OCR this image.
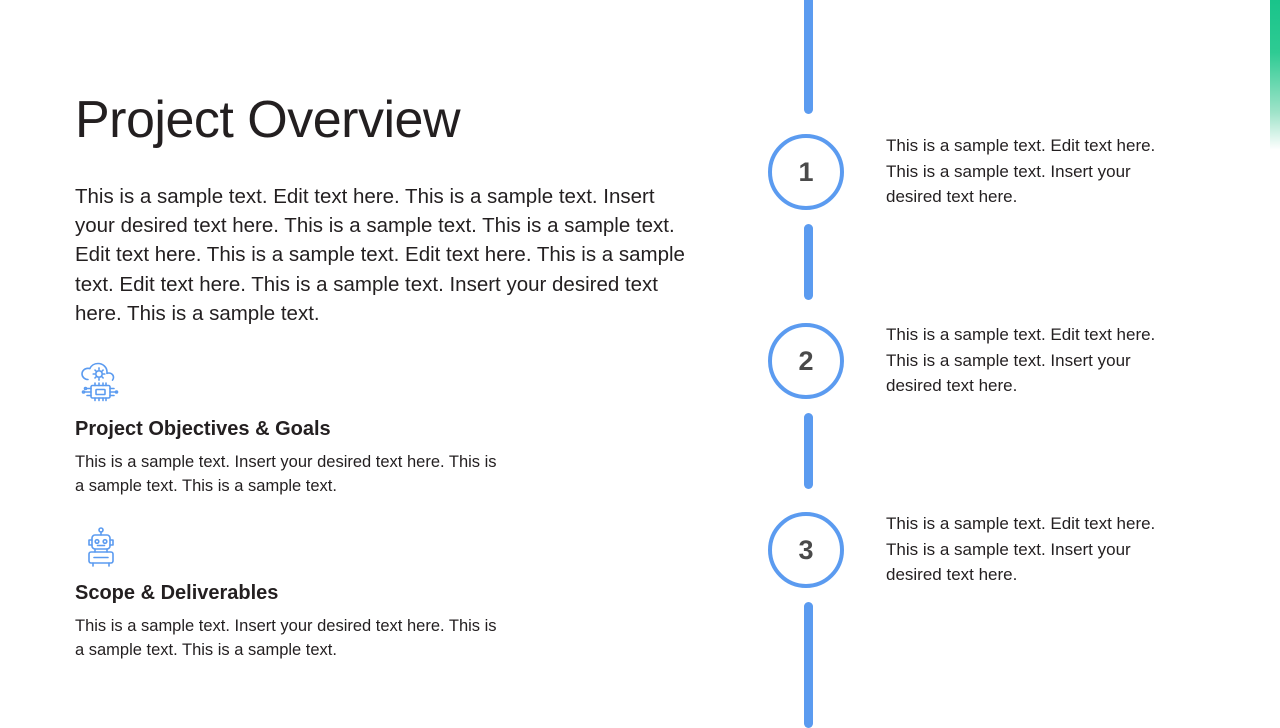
Project Overview

This is a sample text. Edit text here. This is a sample text. Insert your desired text here. This is a sample text. This is a sample text. Edit text here. This is a sample text. Edit text here. This is a sample text. Edit text here. This is a sample text. Insert your desired text here. This is a sample text.

Project Objectives & Goals

This is a sample text. Insert your desired text here. This is a sample text. This is a sample text.

Scope & Deliverables

This is a sample text. Insert your desired text here. This is a sample text. This is a sample text.

1
This is a sample text. Edit text here. This is a sample text. Insert your desired text here.
2
This is a sample text. Edit text here. This is a sample text. Insert your desired text here.
3
This is a sample text. Edit text here. This is a sample text. Insert your desired text here.
